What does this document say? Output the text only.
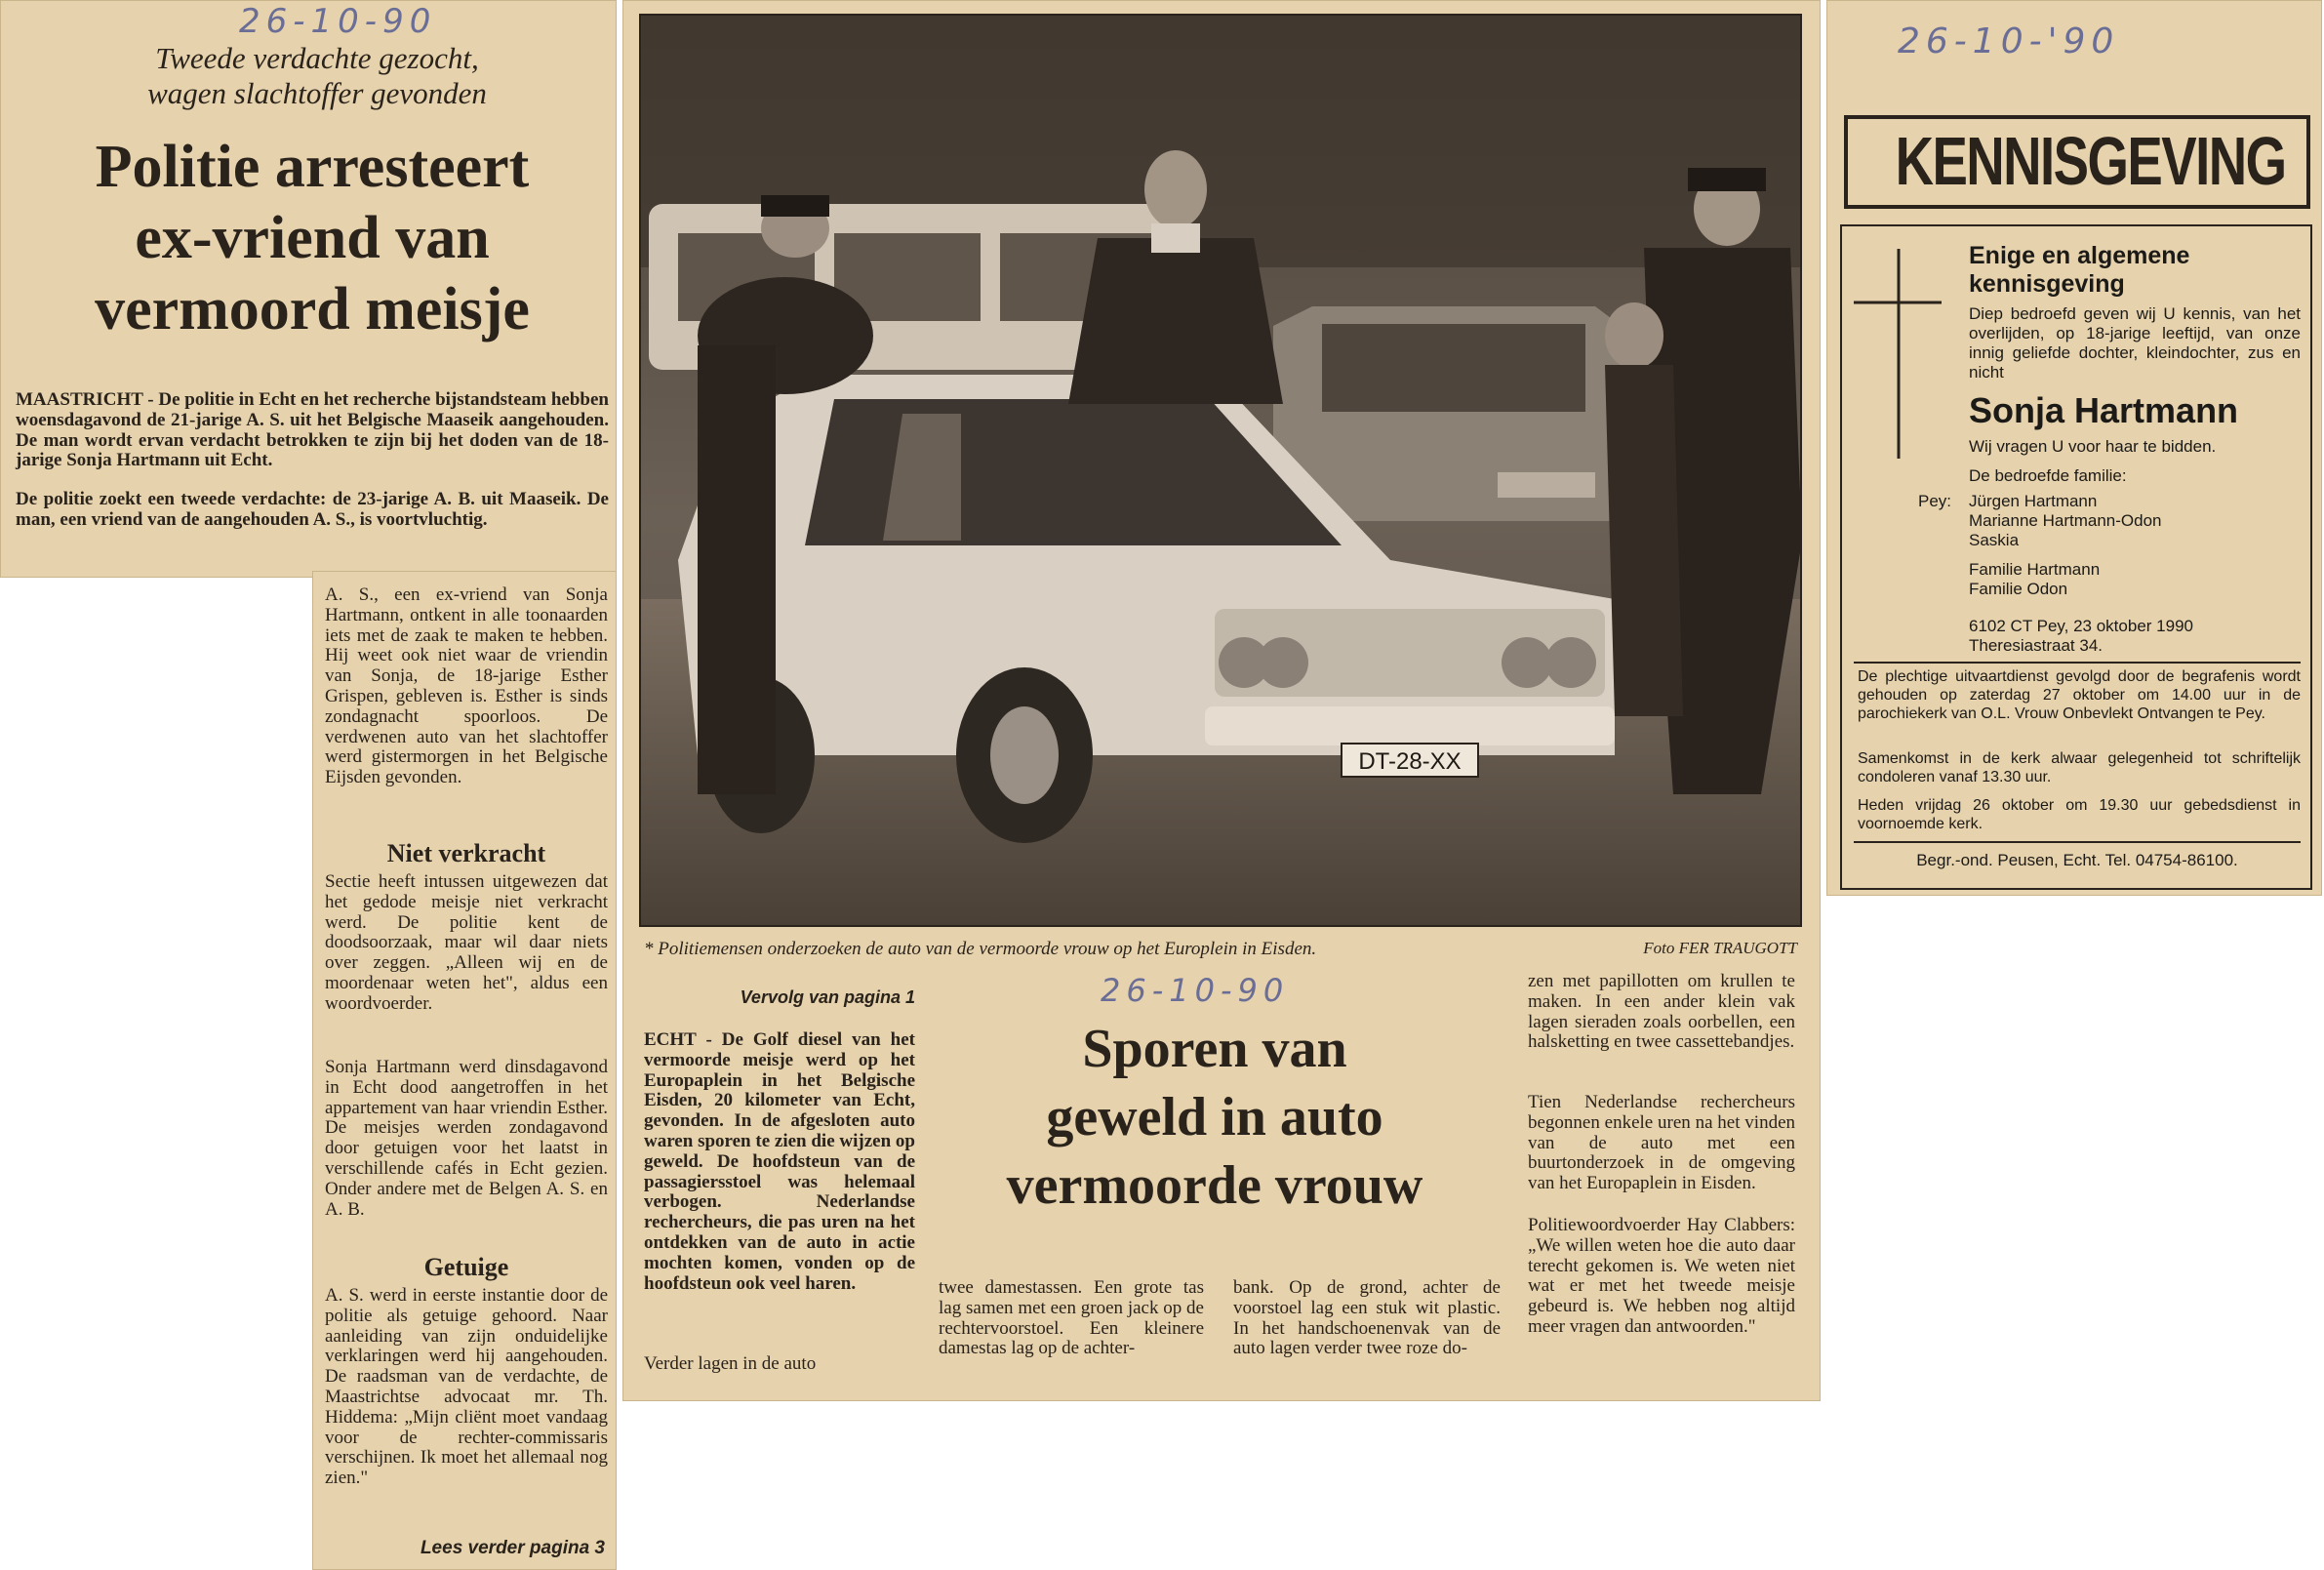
26-10-90
Tweede verdachte gezocht,
wagen slachtoffer gevonden
Politie arresteert
ex-vriend van
vermoord meisje

MAASTRICHT - De politie in Echt en het recherche bijstandsteam hebben woensdagavond de 21-jarige A. S. uit het Belgische Maaseik aangehouden. De man wordt ervan verdacht betrokken te zijn bij het doden van de 18-jarige Sonja Hartmann uit Echt.

De politie zoekt een tweede verdachte: de 23-jarige A. B. uit Maaseik. De man, een vriend van de aangehouden A. S., is voortvluchtig.

A. S., een ex-vriend van Sonja Hartmann, ontkent in alle toonaarden iets met de zaak te maken te hebben. Hij weet ook niet waar de vriendin van Sonja, de 18-jarige Esther Grispen, gebleven is. Esther is sinds zondagnacht spoorloos. De verdwenen auto van het slachtoffer werd gistermorgen in het Belgische Eijsden gevonden.

Niet verkracht

Sectie heeft intussen uitgewezen dat het gedode meisje niet verkracht werd. De politie kent de doodsoorzaak, maar wil daar niets over zeggen. „Alleen wij en de moordenaar weten het", aldus een woordvoerder.

Sonja Hartmann werd dinsdagavond in Echt dood aangetroffen in het appartement van haar vriendin Esther. De meisjes werden zondagavond door getuigen voor het laatst in verschillende cafés in Echt gezien. Onder andere met de Belgen A. S. en A. B.

Getuige

A. S. werd in eerste instantie door de politie als getuige gehoord. Naar aanleiding van zijn onduidelijke verklaringen werd hij aangehouden. De raadsman van de verdachte, de Maastrichtse advocaat mr. Th. Hiddema: „Mijn cliënt moet vandaag voor de rechter-commissaris verschijnen. Ik moet het allemaal nog zien."

Lees verder pagina 3
DT-28-XX
* Politiemensen onderzoeken de auto van de vermoorde vrouw op het Europlein in Eisden.	Foto FER TRAUGOTT
Vervolg van pagina 1	26-10-90
Sporen van
geweld in auto
vermoorde vrouw

ECHT - De Golf diesel van het vermoorde meisje werd op het Europaplein in het Belgische Eisden, 20 kilometer van Echt, gevonden. In de afgesloten auto waren sporen te zien die wijzen op geweld. De hoofdsteun van de passagiersstoel was helemaal verbogen. Nederlandse rechercheurs, die pas uren na het ontdekken van de auto in actie mochten komen, vonden op de hoofdsteun ook veel haren.

Verder lagen in de auto

twee damestassen. Een grote tas lag samen met een groen jack op de rechtervoorstoel. Een kleinere damestas lag op de achter-

bank. Op de grond, achter de voorstoel lag een stuk wit plastic. In het handschoenenvak van de auto lagen verder twee roze do-

zen met papillotten om krullen te maken. In een ander klein vak lagen sieraden zoals oorbellen, een halsketting en twee cassettebandjes.

Tien Nederlandse rechercheurs begonnen enkele uren na het vinden van de auto met een buurtonderzoek in de omgeving van het Europaplein in Eisden.

Politiewoordvoerder Hay Clabbers: „We willen weten hoe die auto daar terecht gekomen is. We weten niet wat er met het tweede meisje gebeurd is. We hebben nog altijd meer vragen dan antwoorden."

26-10-'90
KENNISGEVING
Enige en algemene
kennisgeving

Diep bedroefd geven wij U kennis, van het overlijden, op 18-jarige leeftijd, van onze innig geliefde dochter, kleindochter, zus en nicht

Sonja Hartmann
Wij vragen U voor haar te bidden.
De bedroefde familie:
Pey:	Jürgen Hartmann
Marianne Hartmann-Odon
Saskia
Familie Hartmann
Familie Odon
6102 CT Pey, 23 oktober 1990
Theresiastraat 34.

De plechtige uitvaartdienst gevolgd door de begrafenis wordt gehouden op zaterdag 27 oktober om 14.00 uur in de parochiekerk van O.L. Vrouw Onbevlekt Ontvangen te Pey.

Samenkomst in de kerk alwaar gelegenheid tot schriftelijk condoleren vanaf 13.30 uur.

Heden vrijdag 26 oktober om 19.30 uur gebedsdienst in voornoemde kerk.

Begr.-ond. Peusen, Echt. Tel. 04754-86100.
